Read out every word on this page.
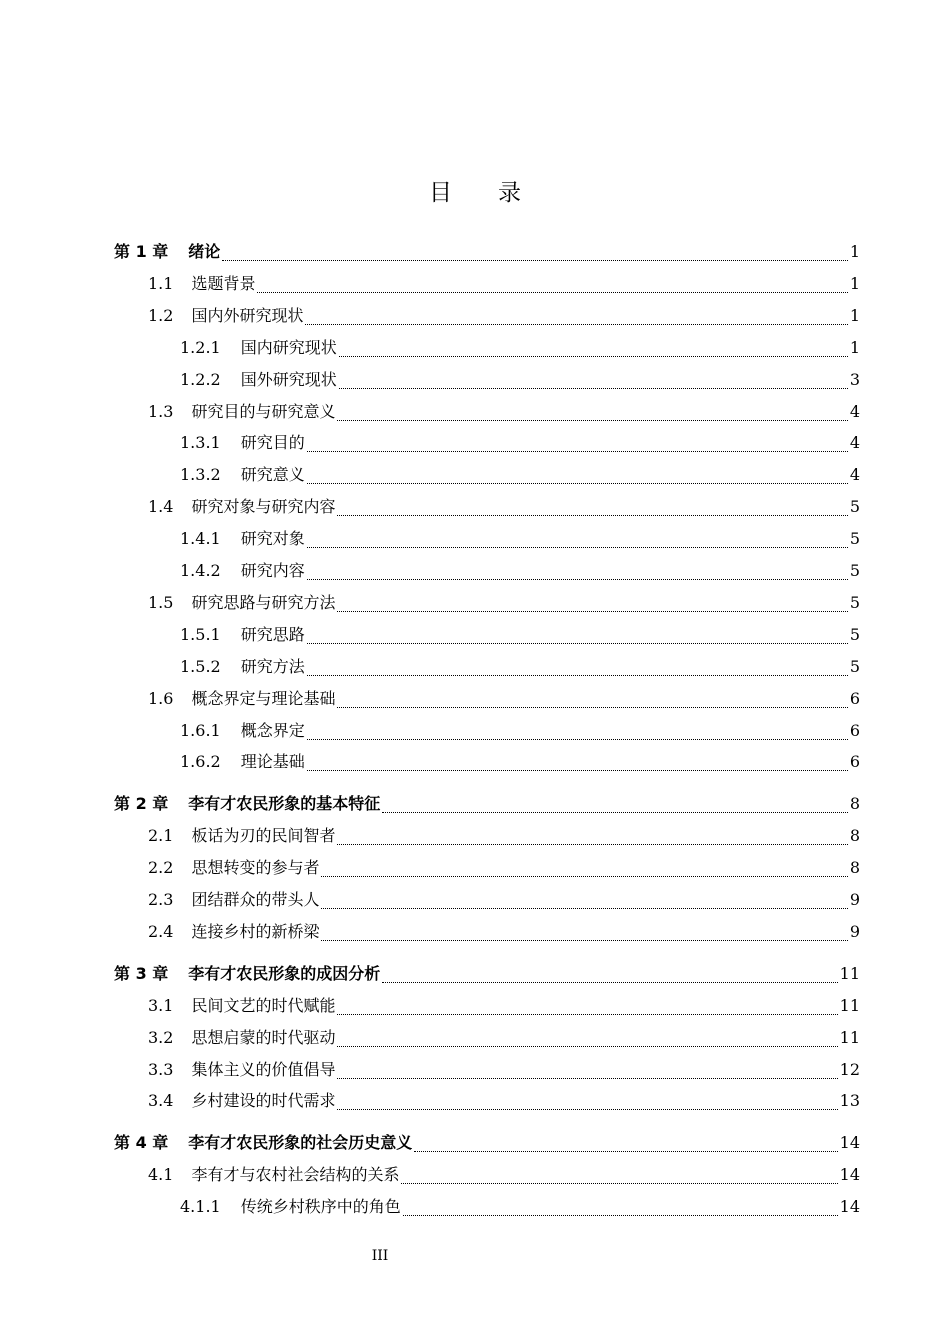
目录
第 1 章 绪论	1
1.1 选题背景	1
1.2 国内外研究现状	1
1.2.1 国内研究现状	1
1.2.2 国外研究现状	3
1.3 研究目的与研究意义	4
1.3.1 研究目的	4
1.3.2 研究意义	4
1.4 研究对象与研究内容	5
1.4.1 研究对象	5
1.4.2 研究内容	5
1.5 研究思路与研究方法	5
1.5.1 研究思路	5
1.5.2 研究方法	5
1.6 概念界定与理论基础	6
1.6.1 概念界定	6
1.6.2 理论基础	6
第 2 章 李有才农民形象的基本特征	8
2.1 板话为刃的民间智者	8
2.2 思想转变的参与者	8
2.3 团结群众的带头人	9
2.4 连接乡村的新桥梁	9
第 3 章 李有才农民形象的成因分析	11
3.1 民间文艺的时代赋能	11
3.2 思想启蒙的时代驱动	11
3.3 集体主义的价值倡导	12
3.4 乡村建设的时代需求	13
第 4 章 李有才农民形象的社会历史意义	14
4.1 李有才与农村社会结构的关系	14
4.1.1 传统乡村秩序中的角色	14
III
